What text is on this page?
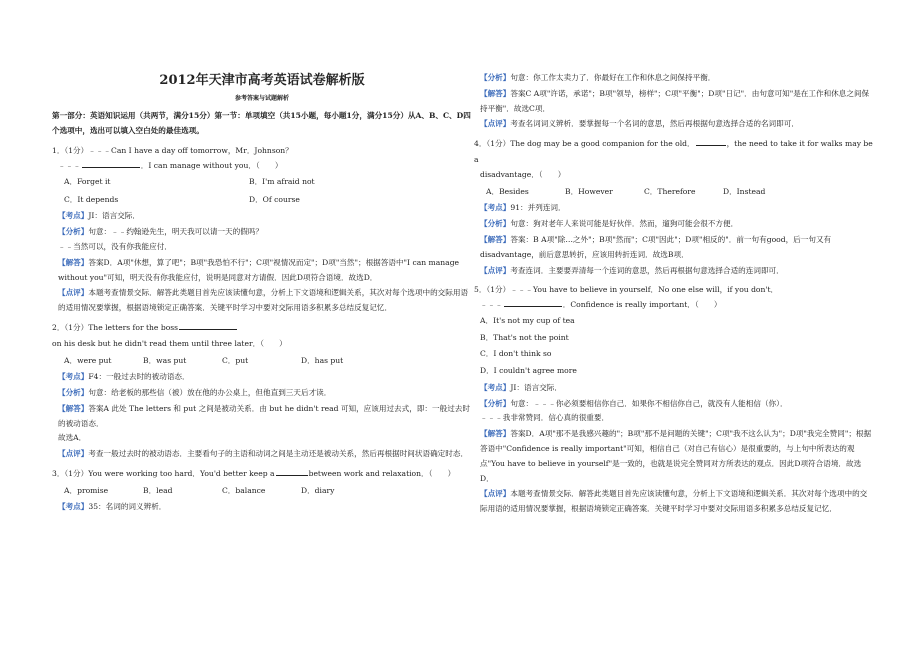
2012年天津市高考英语试卷解析版
参考答案与试题解析
第一部分：英语知识运用（共两节，满分15分）第一节：单项填空（共15小题，每小题1分，满分15分）从A、B、C、D四个选项中，选出可以填入空白处的最佳选项。
1．（1分）﹣﹣﹣Can I have a day off tomorrow，Mr．Johnson？
﹣﹣﹣	．I can manage without you．（　　）
A．Forget it	B．I'm afraid not
C．It depends	D．Of course
【考点】JI：语言交际．
【分析】句意：﹣﹣约翰逊先生，明天我可以请一天的假吗？
﹣﹣当然可以，没有你我能应付．
【解答】答案D．A项"休想，算了吧"；B项"我恐怕不行"；C项"视情况而定"；D项"当然"；根据答语中"I can manage without you"可知，明天没有你我能应付，说明是同意对方请假．因此D项符合语境．故选D．
【点评】本题考查情景交际．解答此类题目首先应该读懂句意，分析上下文语境和逻辑关系，其次对每个选项中的交际用语的适用情况要掌握，根据语境锁定正确答案．关键平时学习中要对交际用语多积累多总结反复记忆．
2．（1分）The letters for the bosson his desk but he didn't read them until three later．（　　）
A．were put	B．was put	C．put	D．has put
【考点】F4：一般过去时的被动语态．
【分析】句意：给老板的那些信（被）放在他的办公桌上，但他直到三天后才读．
【解答】答案A 此处 The letters 和 put 之间是被动关系．由 but he didn't read 可知，应该用过去式，即：一般过去时的被动语态．
故选A．
【点评】考查一般过去时的被动语态．主要看句子的主语和动词之间是主动还是被动关系，然后再根据时间状语确定时态．
3．（1分）You were working too hard．You'd better keep a	between work and relaxation．（　　）
A．promise	B．lead	C．balance	D．diary
【考点】35：名词的词义辨析．
【分析】句意：你工作太卖力了．你最好在工作和休息之间保持平衡．
【解答】答案C A项"许诺，承诺"；B项"领导，榜样"；C项"平衡"；D项"日记"．由句意可知"是在工作和休息之间保持平衡"．故选C项．
【点评】考查名词词义辨析．要掌握每一个名词的意思，然后再根据句意选择合适的名词即可．
4．（1分）The dog may be a good companion for the old．	，the need to take it for walks may be a
disadvantage．（　　）
A．Besides	B．However	C．Therefore	D．Instead
【考点】91：并列连词．
【分析】句意：狗对老年人来说可能是好伙伴．然而，遛狗可能会很不方便．
【解答】答案：B A项"除…之外"；B项"然而"；C项"因此"；D项"相反的"．前一句有good，后一句又有disadvantage，前后意思转折，应该用转折连词．故选B项．
【点评】考查连词．主要要弄清每一个连词的意思，然后再根据句意选择合适的连词即可．
5．（1分）﹣﹣﹣You have to believe in yourself．No one else will，if you don't．
﹣﹣﹣	．Confidence is really important．（　　）
A．It's not my cup of tea
B．That's not the point
C．I don't think so
D．I couldn't agree more
【考点】JI：语言交际．
【分析】句意：﹣﹣﹣你必须要相信你自己．如果你不相信你自己，就没有人能相信（你）．
﹣﹣﹣我非常赞同．信心真的很重要．
【解答】答案D．A项"那不是我感兴趣的"；B项"那不是问题的关键"；C项"我不这么认为"；D项"我完全赞同"；根据答语中"Confidence is really important"可知，相信自己（对自己有信心）是很重要的，与上句中所表达的观点"You have to believe in yourself"是一致的，也就是说完全赞同对方所表达的观点．因此D项符合语境．故选D．
【点评】本题考查情景交际．解答此类题目首先应该读懂句意，分析上下文语境和逻辑关系．其次对每个选项中的交际用语的适用情况要掌握，根据语境锁定正确答案．关键平时学习中要对交际用语多积累多总结反复记忆．
